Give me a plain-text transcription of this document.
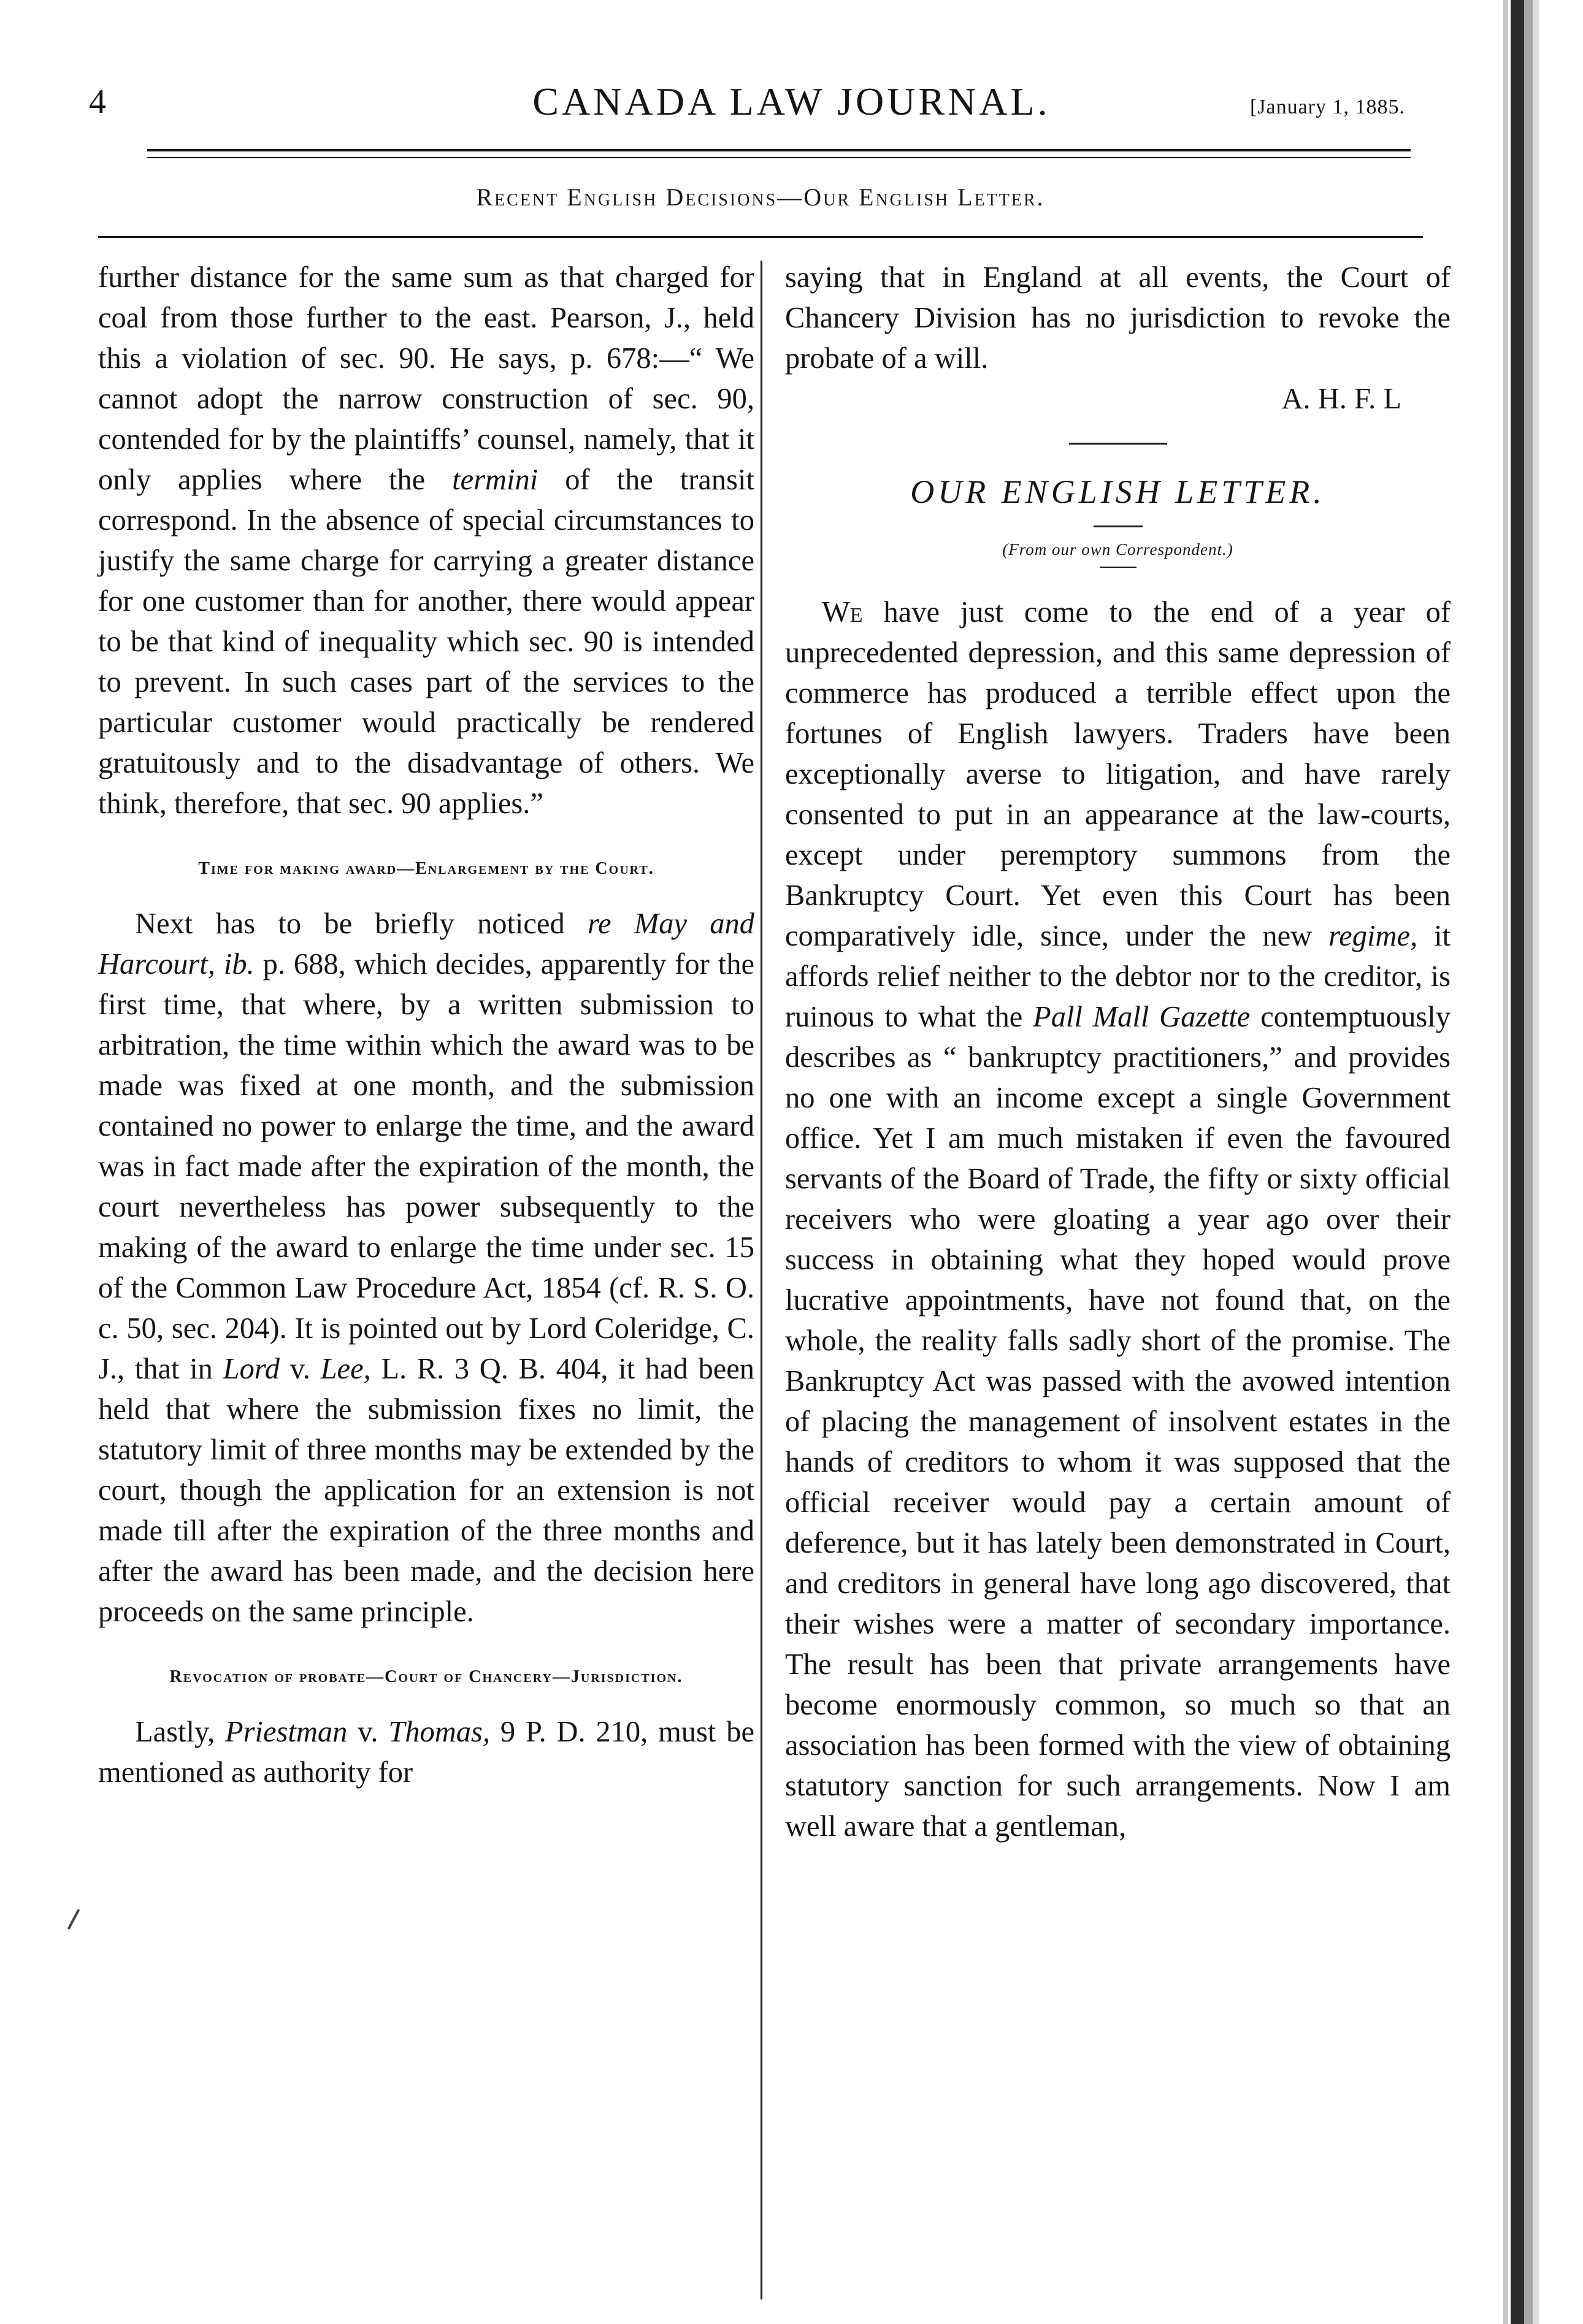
4	CANADA LAW JOURNAL.	[January 1, 1885.
Recent English Decisions—Our English Letter.

further distance for the same sum as that charged for coal from those further to the east. Pearson, J., held this a violation of sec. 90. He says, p. 678:—“ We cannot adopt the narrow construction of sec. 90, contended for by the plaintiffs’ counsel, namely, that it only applies where the termini of the transit correspond. In the absence of special circumstances to justify the same charge for carrying a greater distance for one customer than for another, there would appear to be that kind of inequality which sec. 90 is intended to prevent. In such cases part of the services to the particular customer would practically be rendered gratuitously and to the disadvantage of others. We think, therefore, that sec. 90 applies.”

Time for making award—Enlargement by the Court.

Next has to be briefly noticed re May and Harcourt, ib. p. 688, which decides, apparently for the first time, that where, by a written submission to arbitration, the time within which the award was to be made was fixed at one month, and the submission contained no power to enlarge the time, and the award was in fact made after the expiration of the month, the court nevertheless has power subsequently to the making of the award to enlarge the time under sec. 15 of the Common Law Procedure Act, 1854 (cf. R. S. O. c. 50, sec. 204). It is pointed out by Lord Coleridge, C. J., that in Lord v. Lee, L. R. 3 Q. B. 404, it had been held that where the submission fixes no limit, the statutory limit of three months may be extended by the court, though the application for an extension is not made till after the expiration of the three months and after the award has been made, and the decision here proceeds on the same principle.

Revocation of probate—Court of Chancery—Jurisdiction.

Lastly, Priestman v. Thomas, 9 P. D. 210, must be mentioned as authority for

saying that in England at all events, the Court of Chancery Division has no jurisdiction to revoke the probate of a will.

A. H. F. L

OUR ENGLISH LETTER.
(From our own Correspondent.)

We have just come to the end of a year of unprecedented depression, and this same depression of commerce has produced a terrible effect upon the fortunes of English lawyers. Traders have been exceptionally averse to litigation, and have rarely consented to put in an appearance at the law-courts, except under peremptory summons from the Bankruptcy Court. Yet even this Court has been comparatively idle, since, under the new regime, it affords relief neither to the debtor nor to the creditor, is ruinous to what the Pall Mall Gazette contemptuously describes as “ bankruptcy practitioners,” and provides no one with an income except a single Government office. Yet I am much mistaken if even the favoured servants of the Board of Trade, the fifty or sixty official receivers who were gloating a year ago over their success in obtaining what they hoped would prove lucrative appointments, have not found that, on the whole, the reality falls sadly short of the promise. The Bankruptcy Act was passed with the avowed intention of placing the management of insolvent estates in the hands of creditors to whom it was supposed that the official receiver would pay a certain amount of deference, but it has lately been demonstrated in Court, and creditors in general have long ago discovered, that their wishes were a matter of secondary importance. The result has been that private arrangements have become enormously common, so much so that an association has been formed with the view of obtaining statutory sanction for such arrangements. Now I am well aware that a gentleman,
